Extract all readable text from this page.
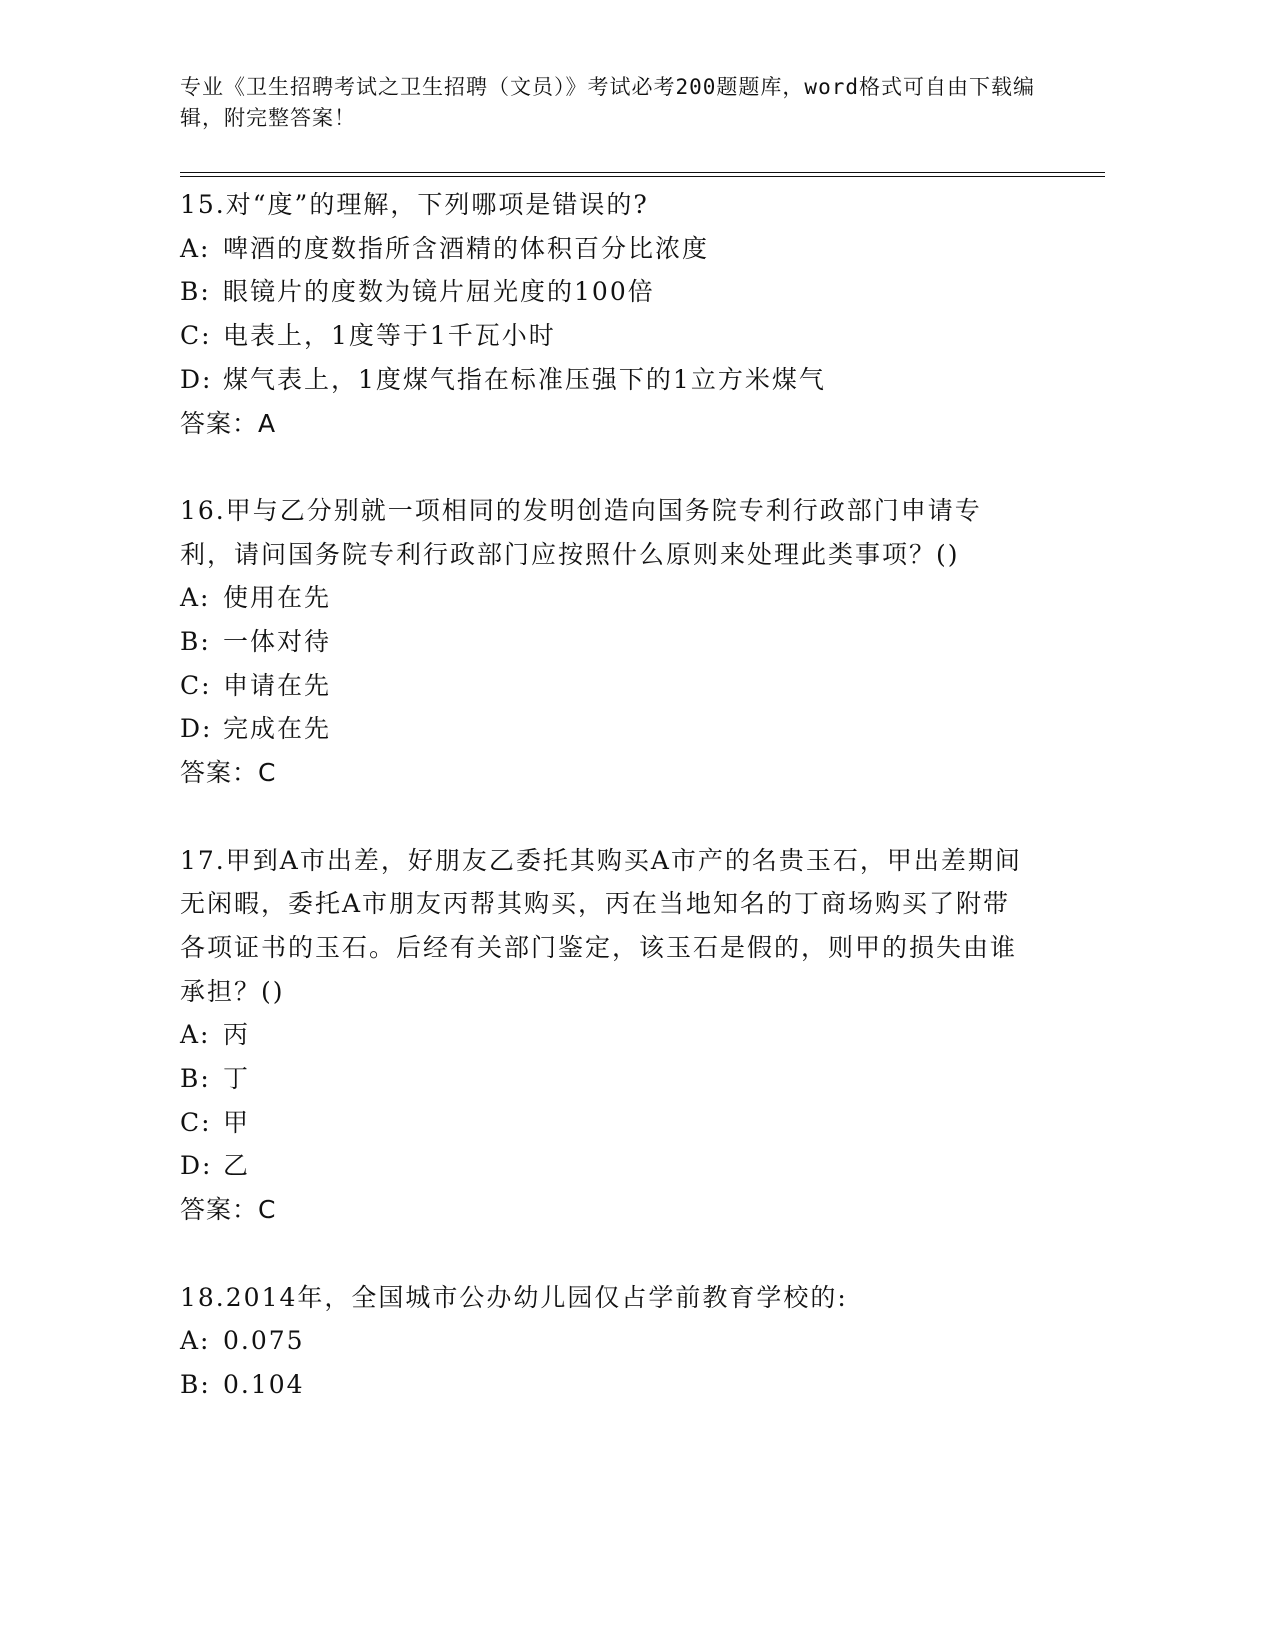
专业《卫生招聘考试之卫生招聘（文员）》考试必考200题题库，word格式可自由下载编辑，附完整答案！

15.对“度”的理解，下列哪项是错误的?

A: 啤酒的度数指所含酒精的体积百分比浓度

B: 眼镜片的度数为镜片屈光度的100倍

C: 电表上，1度等于1千瓦小时

D: 煤气表上，1度煤气指在标准压强下的1立方米煤气

答案：A

16.甲与乙分别就一项相同的发明创造向国务院专利行政部门申请专利，请问国务院专利行政部门应按照什么原则来处理此类事项？()

A: 使用在先

B: 一体对待

C: 申请在先

D: 完成在先

答案：C

17.甲到A市出差，好朋友乙委托其购买A市产的名贵玉石，甲出差期间无闲暇，委托A市朋友丙帮其购买，丙在当地知名的丁商场购买了附带各项证书的玉石。后经有关部门鉴定，该玉石是假的，则甲的损失由谁承担？()

A: 丙

B: 丁

C: 甲

D: 乙

答案：C

18.2014年，全国城市公办幼儿园仅占学前教育学校的:

A: 0.075

B: 0.104
